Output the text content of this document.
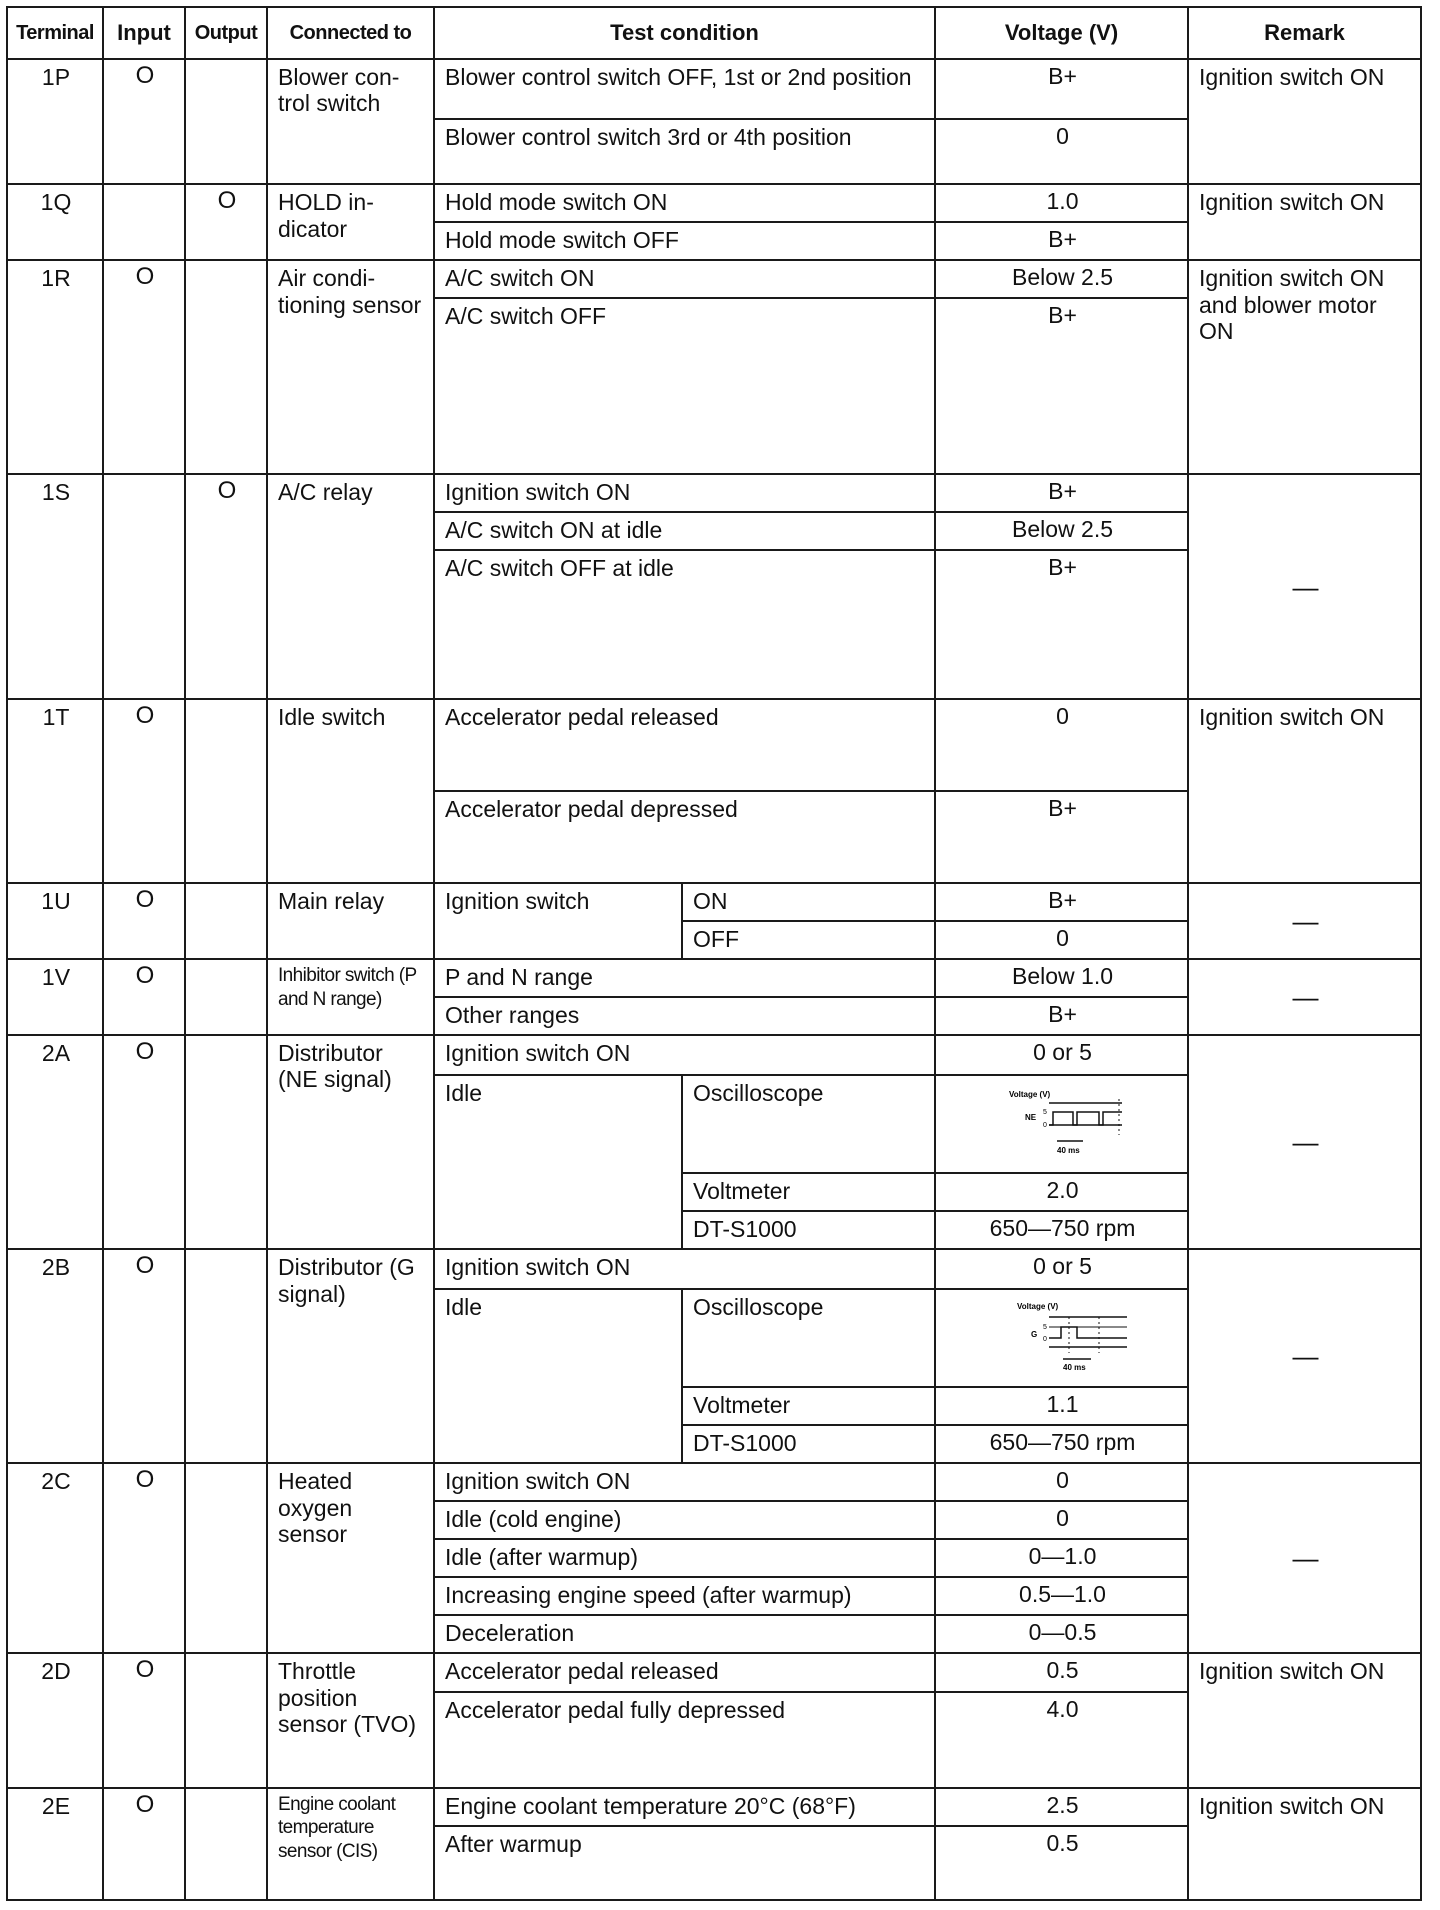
Terminal	Input	Output	Connected to	Test condition		Voltage (V)	Remark
1P	O		Blower con- trol switch	Blower control switch OFF, 1st or 2nd position		B+	Ignition switch ON
				Blower control switch 3rd or 4th position		0	
1Q		O	HOLD in- dicator	Hold mode switch ON		1.0	Ignition switch ON
				Hold mode switch OFF		B+	
1R	O		Air condi- tioning sensor	A/C switch ON		Below 2.5	Ignition switch ON and blower motor ON
				A/C switch OFF		B+	
1S		O	A/C relay	Ignition switch ON		B+	—
				A/C switch ON at idle		Below 2.5	
				A/C switch OFF at idle		B+	
1T	O		Idle switch	Accelerator pedal released		0	Ignition switch ON
				Accelerator pedal depressed		B+	
1U	O		Main relay	Ignition switch	ON	B+	—
					OFF	0	
1V	O		Inhibitor switch (P and N range)	P and N range		Below 1.0	—
				Other ranges		B+	
2A	O		Distributor (NE signal)	Ignition switch ON		0 or 5	—
				Idle	Oscilloscope	Voltage (V)
NE
5
0
40 ms	

					Voltmeter	2.0	
					DT-S1000	650—750 rpm	
2B	O		Distributor (G signal)	Ignition switch ON		0 or 5	—
				Idle	Oscilloscope	Voltage (V)
G
5
0
40 ms	

					Voltmeter	1.1	
					DT-S1000	650—750 rpm	
2C	O		Heated oxygen sensor	Ignition switch ON		0	—
				Idle (cold engine)		0	
				Idle (after warmup)		0—1.0	
				Increasing engine speed (after warmup)		0.5—1.0	
				Deceleration		0—0.5	
2D	O		Throttle position sensor (TVO)	Accelerator pedal released		0.5	Ignition switch ON
				Accelerator pedal fully depressed		4.0	
2E	O		Engine coolant temperature sensor (CIS)	Engine coolant temperature 20°C (68°F)		2.5	Ignition switch ON
				After warmup		0.5	
